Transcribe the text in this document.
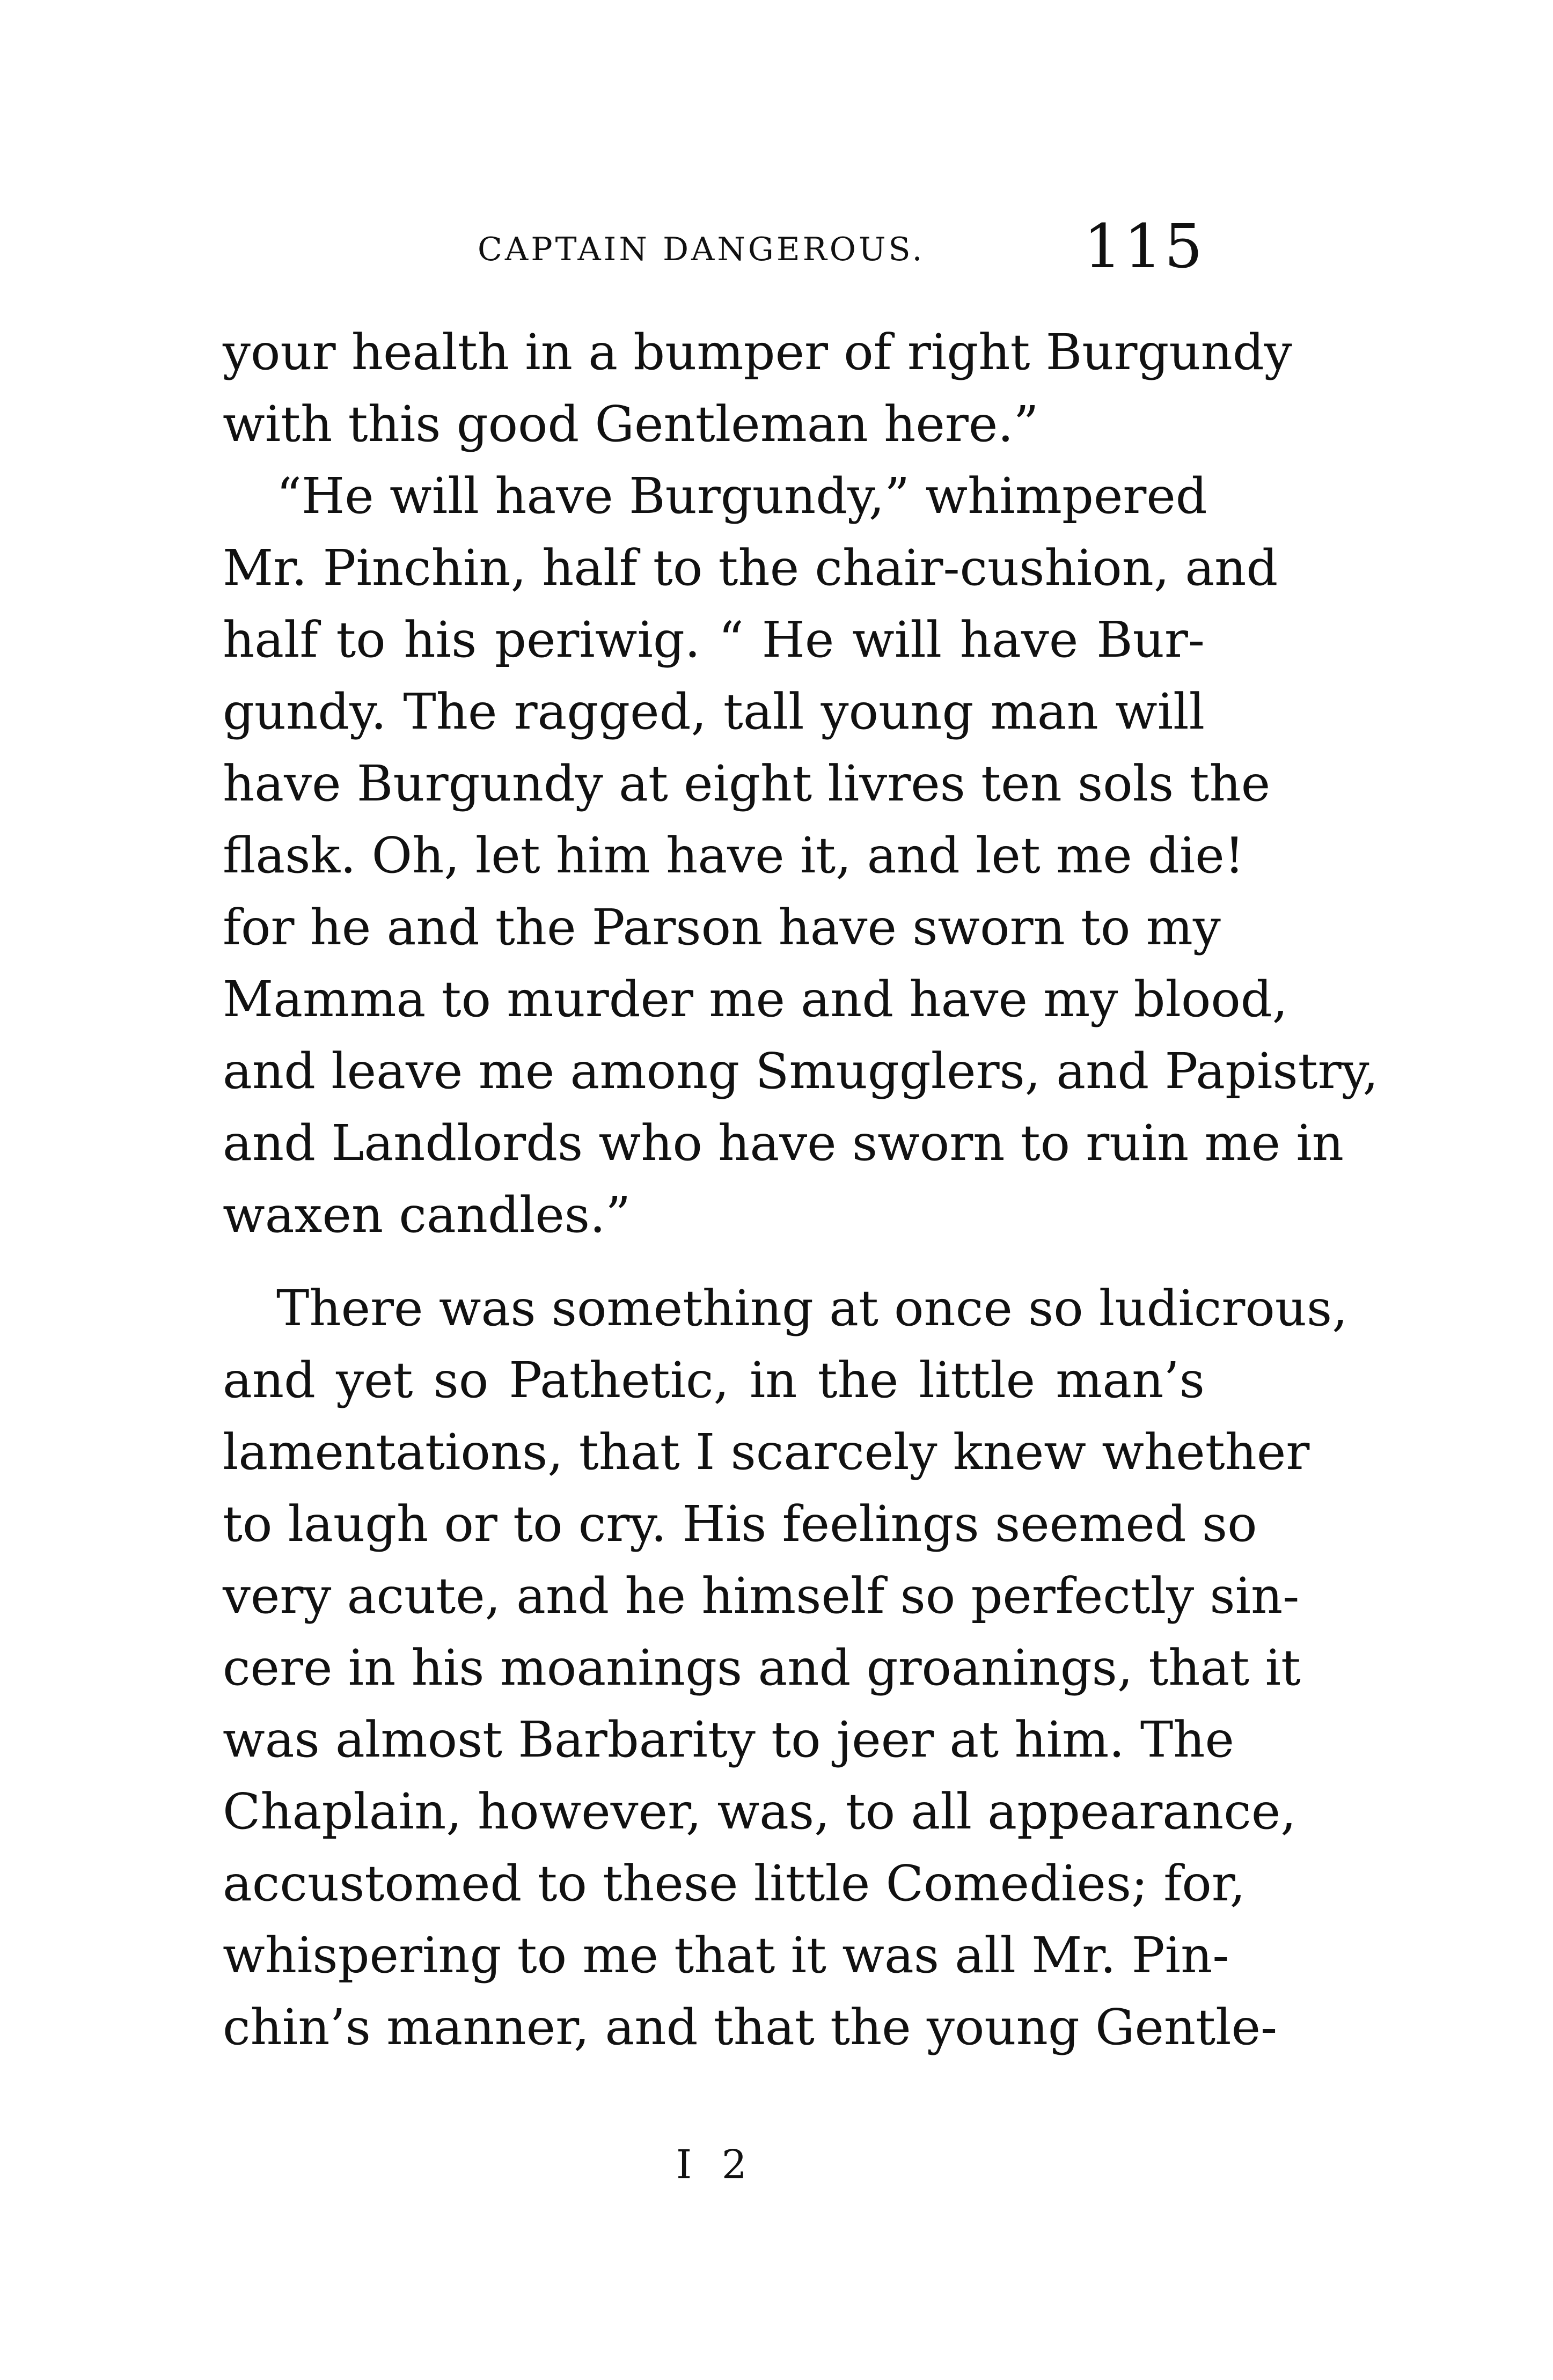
CAPTAIN DANGEROUS.	115
your health in a bumper of right Burgundy
with this good Gentleman here.”
“He will have Burgundy,” whimpered
Mr. Pinchin, half to the chair-cushion, and
half to his periwig. “ He will have Bur-
gundy. The ragged, tall young man will
have Burgundy at eight livres ten sols the
flask. Oh, let him have it, and let me die!
for he and the Parson have sworn to my
Mamma to murder me and have my blood,
and leave me among Smugglers, and Papistry,
and Landlords who have sworn to ruin me in
waxen candles.”
There was something at once so ludicrous,
and yet so Pathetic, in the little man’s
lamentations, that I scarcely knew whether
to laugh or to cry. His feelings seemed so
very acute, and he himself so perfectly sin-
cere in his moanings and groanings, that it
was almost Barbarity to jeer at him. The
Chaplain, however, was, to all appearance,
accustomed to these little Comedies; for,
whispering to me that it was all Mr. Pin-
chin’s manner, and that the young Gentle-
I 2
